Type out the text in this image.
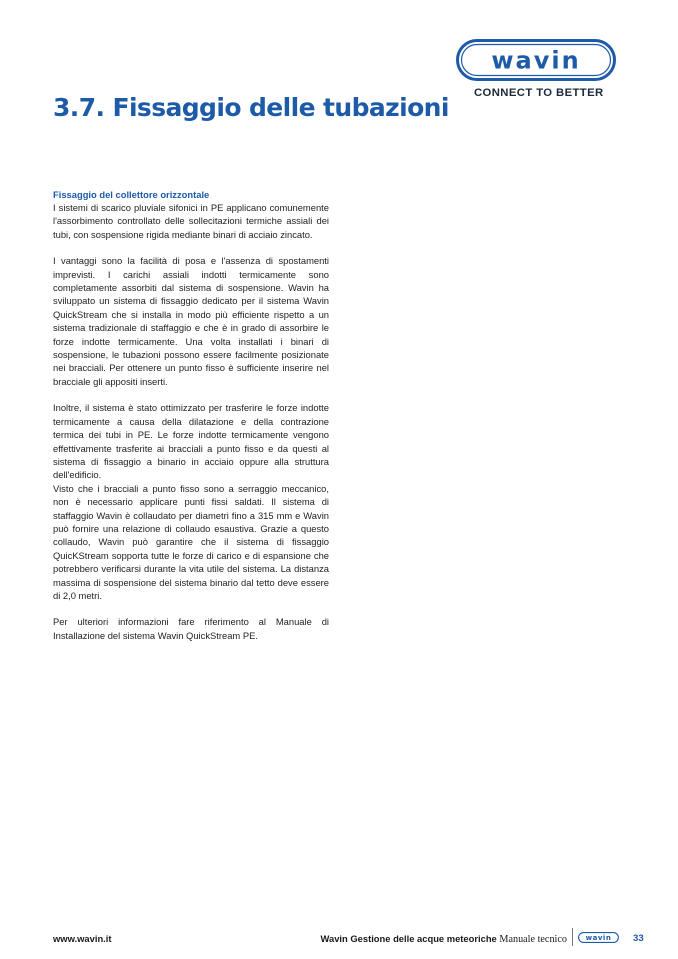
wavin
CONNECT TO BETTER
3.7. Fissaggio delle tubazioni
Fissaggio del collettore orizzontale

I sistemi di scarico pluviale sifonici in PE applicano comunemente l'assorbimento controllato delle sollecitazioni termiche assiali dei tubi, con sospensione rigida mediante binari di acciaio zincato.

I vantaggi sono la facilità di posa e l'assenza di spostamenti imprevisti. I carichi assiali indotti termicamente sono completamente assorbiti dal sistema di sospensione. Wavin ha sviluppato un sistema di fissaggio dedicato per il sistema Wavin QuickStream che si installa in modo più efficiente rispetto a un sistema tradizionale di staffaggio e che è in grado di assorbire le forze indotte termicamente. Una volta installati i binari di sospensione, le tubazioni possono essere facilmente posizionate nei bracciali. Per ottenere un punto fisso è sufficiente inserire nel bracciale gli appositi inserti.

Inoltre, il sistema è stato ottimizzato per trasferire le forze indotte termicamente a causa della dilatazione e della contrazione termica dei tubi in PE. Le forze indotte termicamente vengono effettivamente trasferite ai bracciali a punto fisso e da questi al sistema di fissaggio a binario in acciaio oppure alla struttura dell'edificio.

Visto che i bracciali a punto fisso sono a serraggio meccanico, non è necessario applicare punti fissi saldati. Il sistema di staffaggio Wavin è collaudato per diametri fino a 315 mm e Wavin può fornire una relazione di collaudo esaustiva. Grazie a questo collaudo, Wavin può garantire che il sistema di fissaggio QuicKStream sopporta tutte le forze di carico e di espansione che potrebbero verificarsi durante la vita utile del sistema. La distanza massima di sospensione del sistema binario dal tetto deve essere di 2,0 metri.

Per ulteriori informazioni fare riferimento al Manuale di Installazione del sistema Wavin QuickStream PE.

www.wavin.it	Wavin Gestione delle acque meteoriche Manuale tecnico	wavin 33
